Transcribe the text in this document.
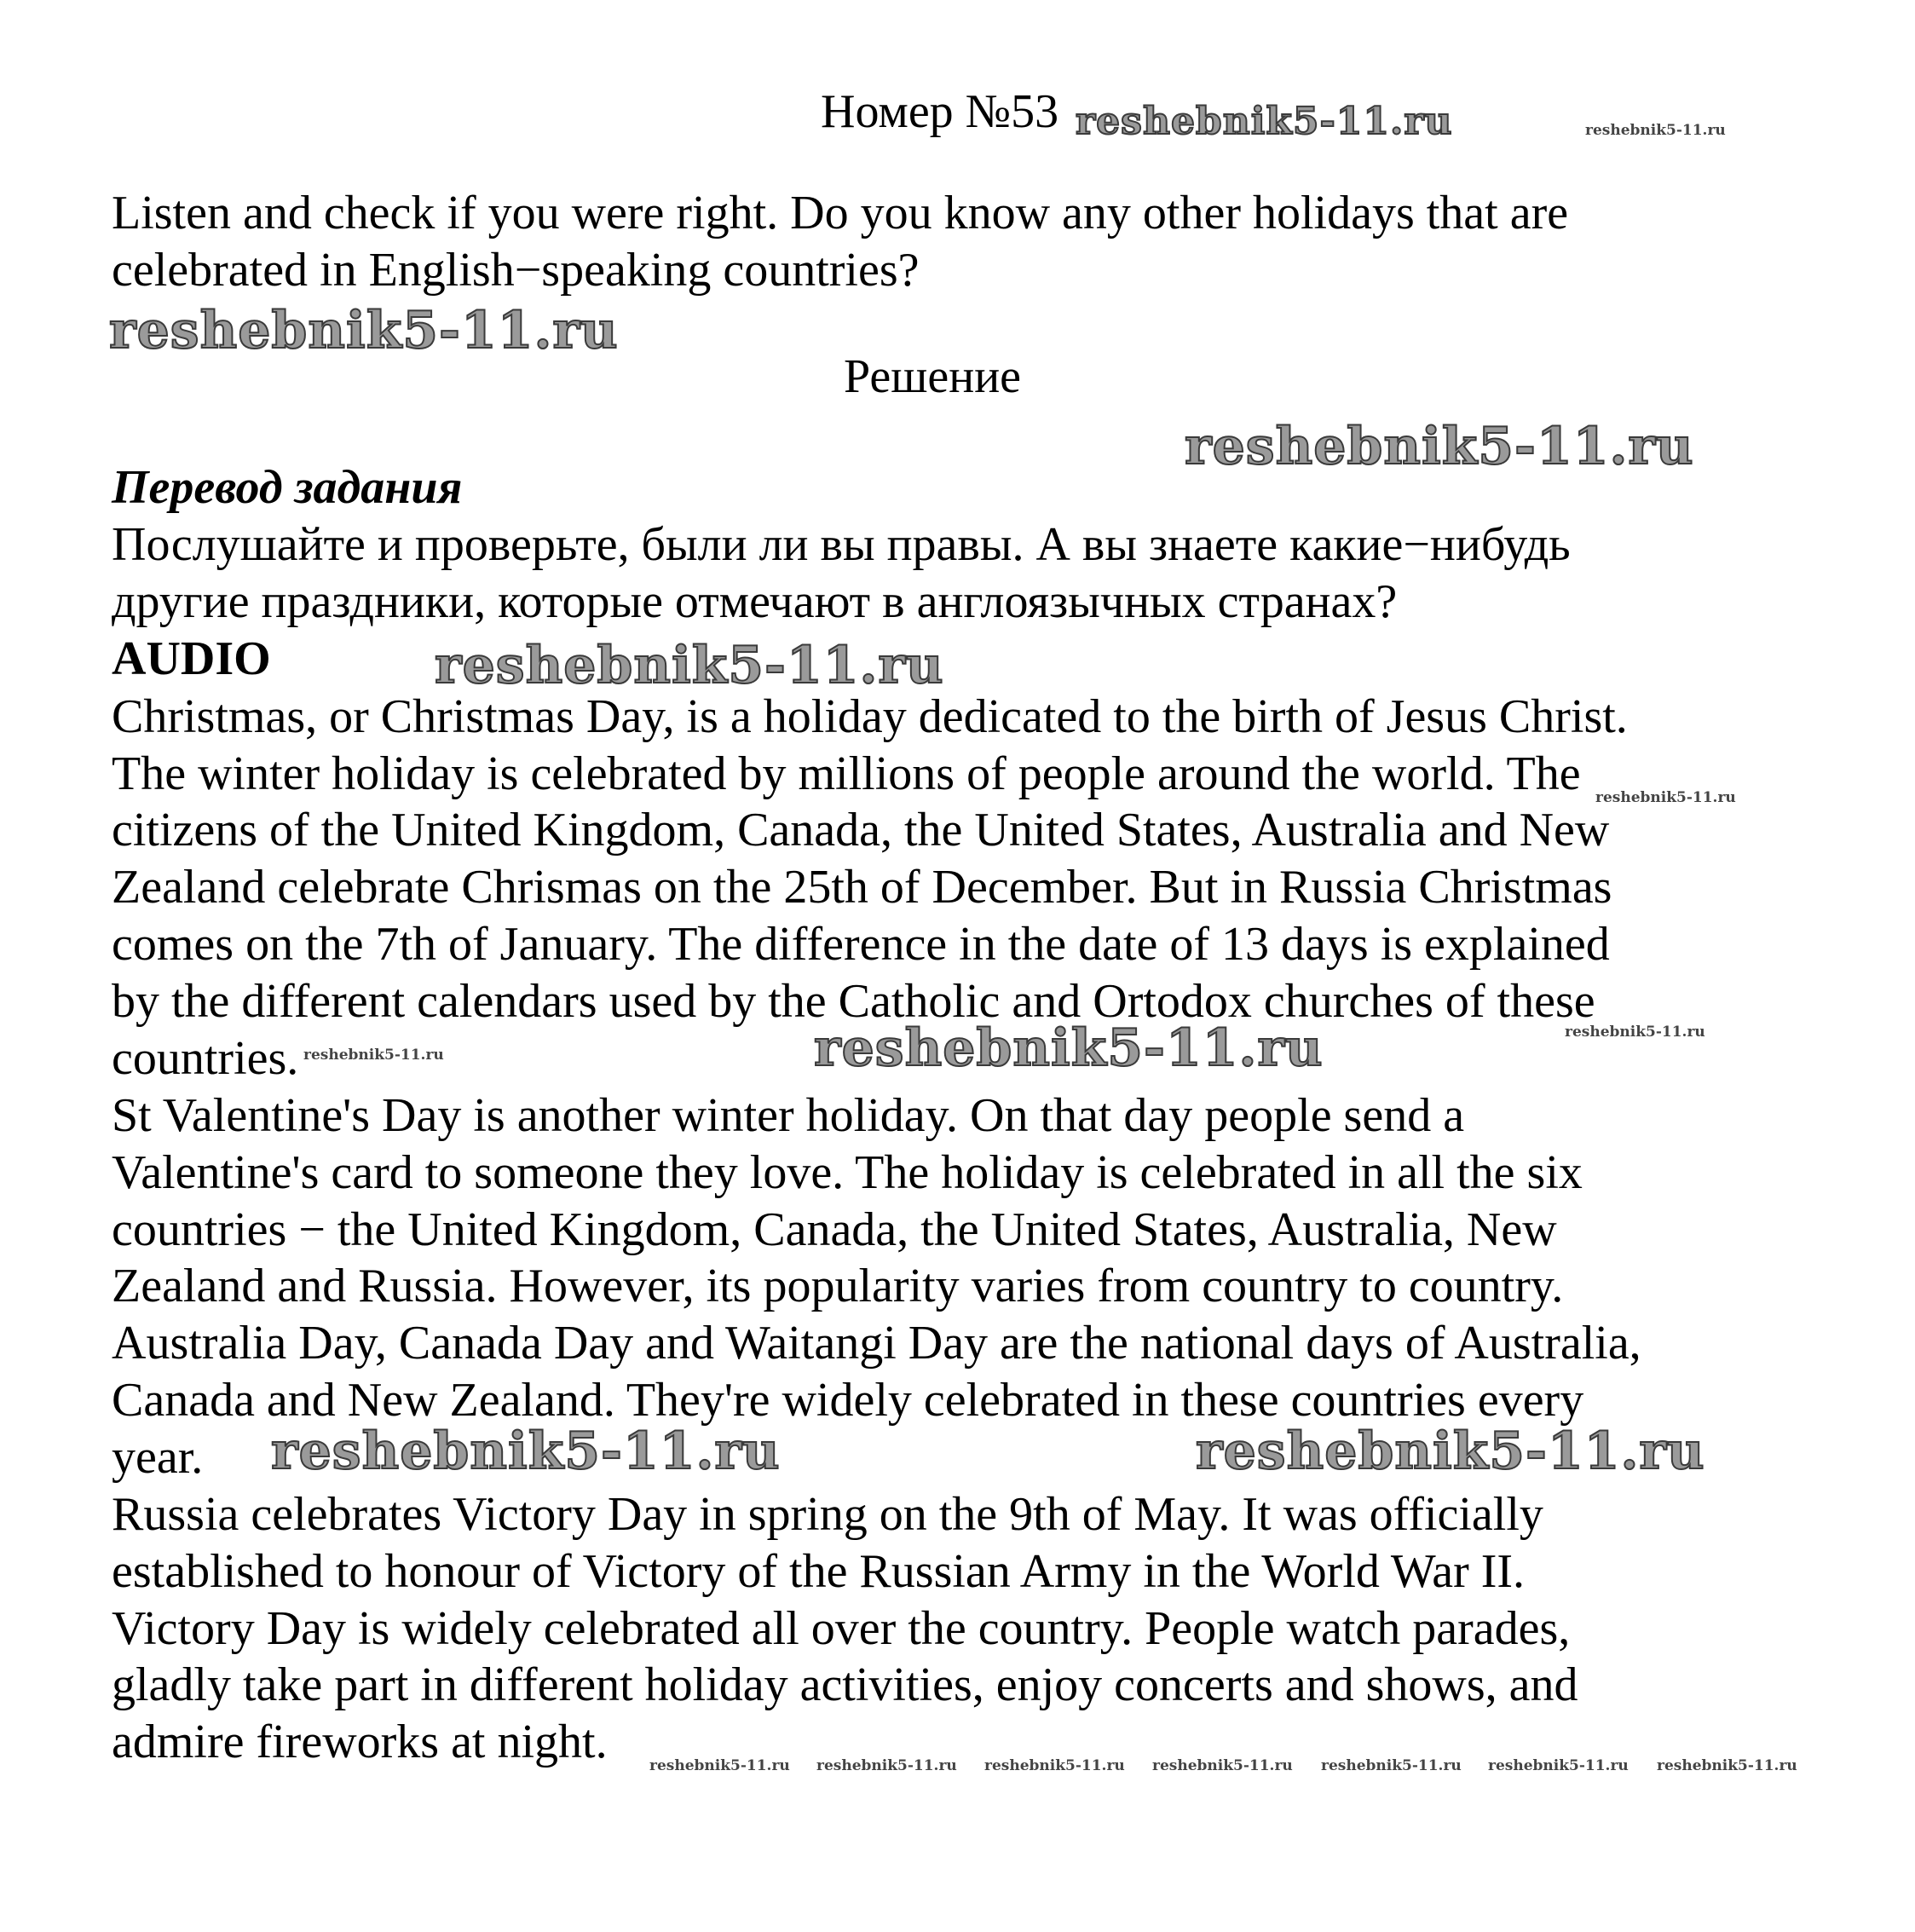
Номер №53
Listen and check if you were right. Do you know any other holidays that are
celebrated in English−speaking countries?
Решение
Перевод задания
Послушайте и проверьте, были ли вы правы. А вы знаете какие−нибудь
другие праздники, которые отмечают в англоязычных странах?
AUDIO
Christmas, or Christmas Day, is a holiday dedicated to the birth of Jesus Christ.
The winter holiday is celebrated by millions of people around the world. The
citizens of the United Kingdom, Canada, the United States, Australia and New
Zealand celebrate Chrismas on the 25th of December. But in Russia Christmas
comes on the 7th of January. The difference in the date of 13 days is explained
by the different calendars used by the Catholic and Ortodox churches of these
countries.
St Valentine's Day is another winter holiday. On that day people send a
Valentine's card to someone they love. The holiday is celebrated in all the six
countries − the United Kingdom, Canada, the United States, Australia, New
Zealand and Russia. However, its popularity varies from country to country.
Australia Day, Canada Day and Waitangi Day are the national days of Australia,
Canada and New Zealand. They're widely celebrated in these countries every
year.
Russia celebrates Victory Day in spring on the 9th of May. It was officially
established to honour of Victory of the Russian Army in the World War II.
Victory Day is widely celebrated all over the country. People watch parades,
gladly take part in different holiday activities, enjoy concerts and shows, and
admire fireworks at night.
reshebnik5-11.ru	reshebnik5-11.ru
reshebnik5-11.ru
reshebnik5-11.ru
reshebnik5-11.ru
reshebnik5-11.ru
reshebnik5-11.ru	reshebnik5-11.ru	reshebnik5-11.ru
reshebnik5-11.ru	reshebnik5-11.ru
reshebnik5-11.ru reshebnik5-11.ru reshebnik5-11.ru reshebnik5-11.ru reshebnik5-11.ru reshebnik5-11.ru reshebnik5-11.ru
